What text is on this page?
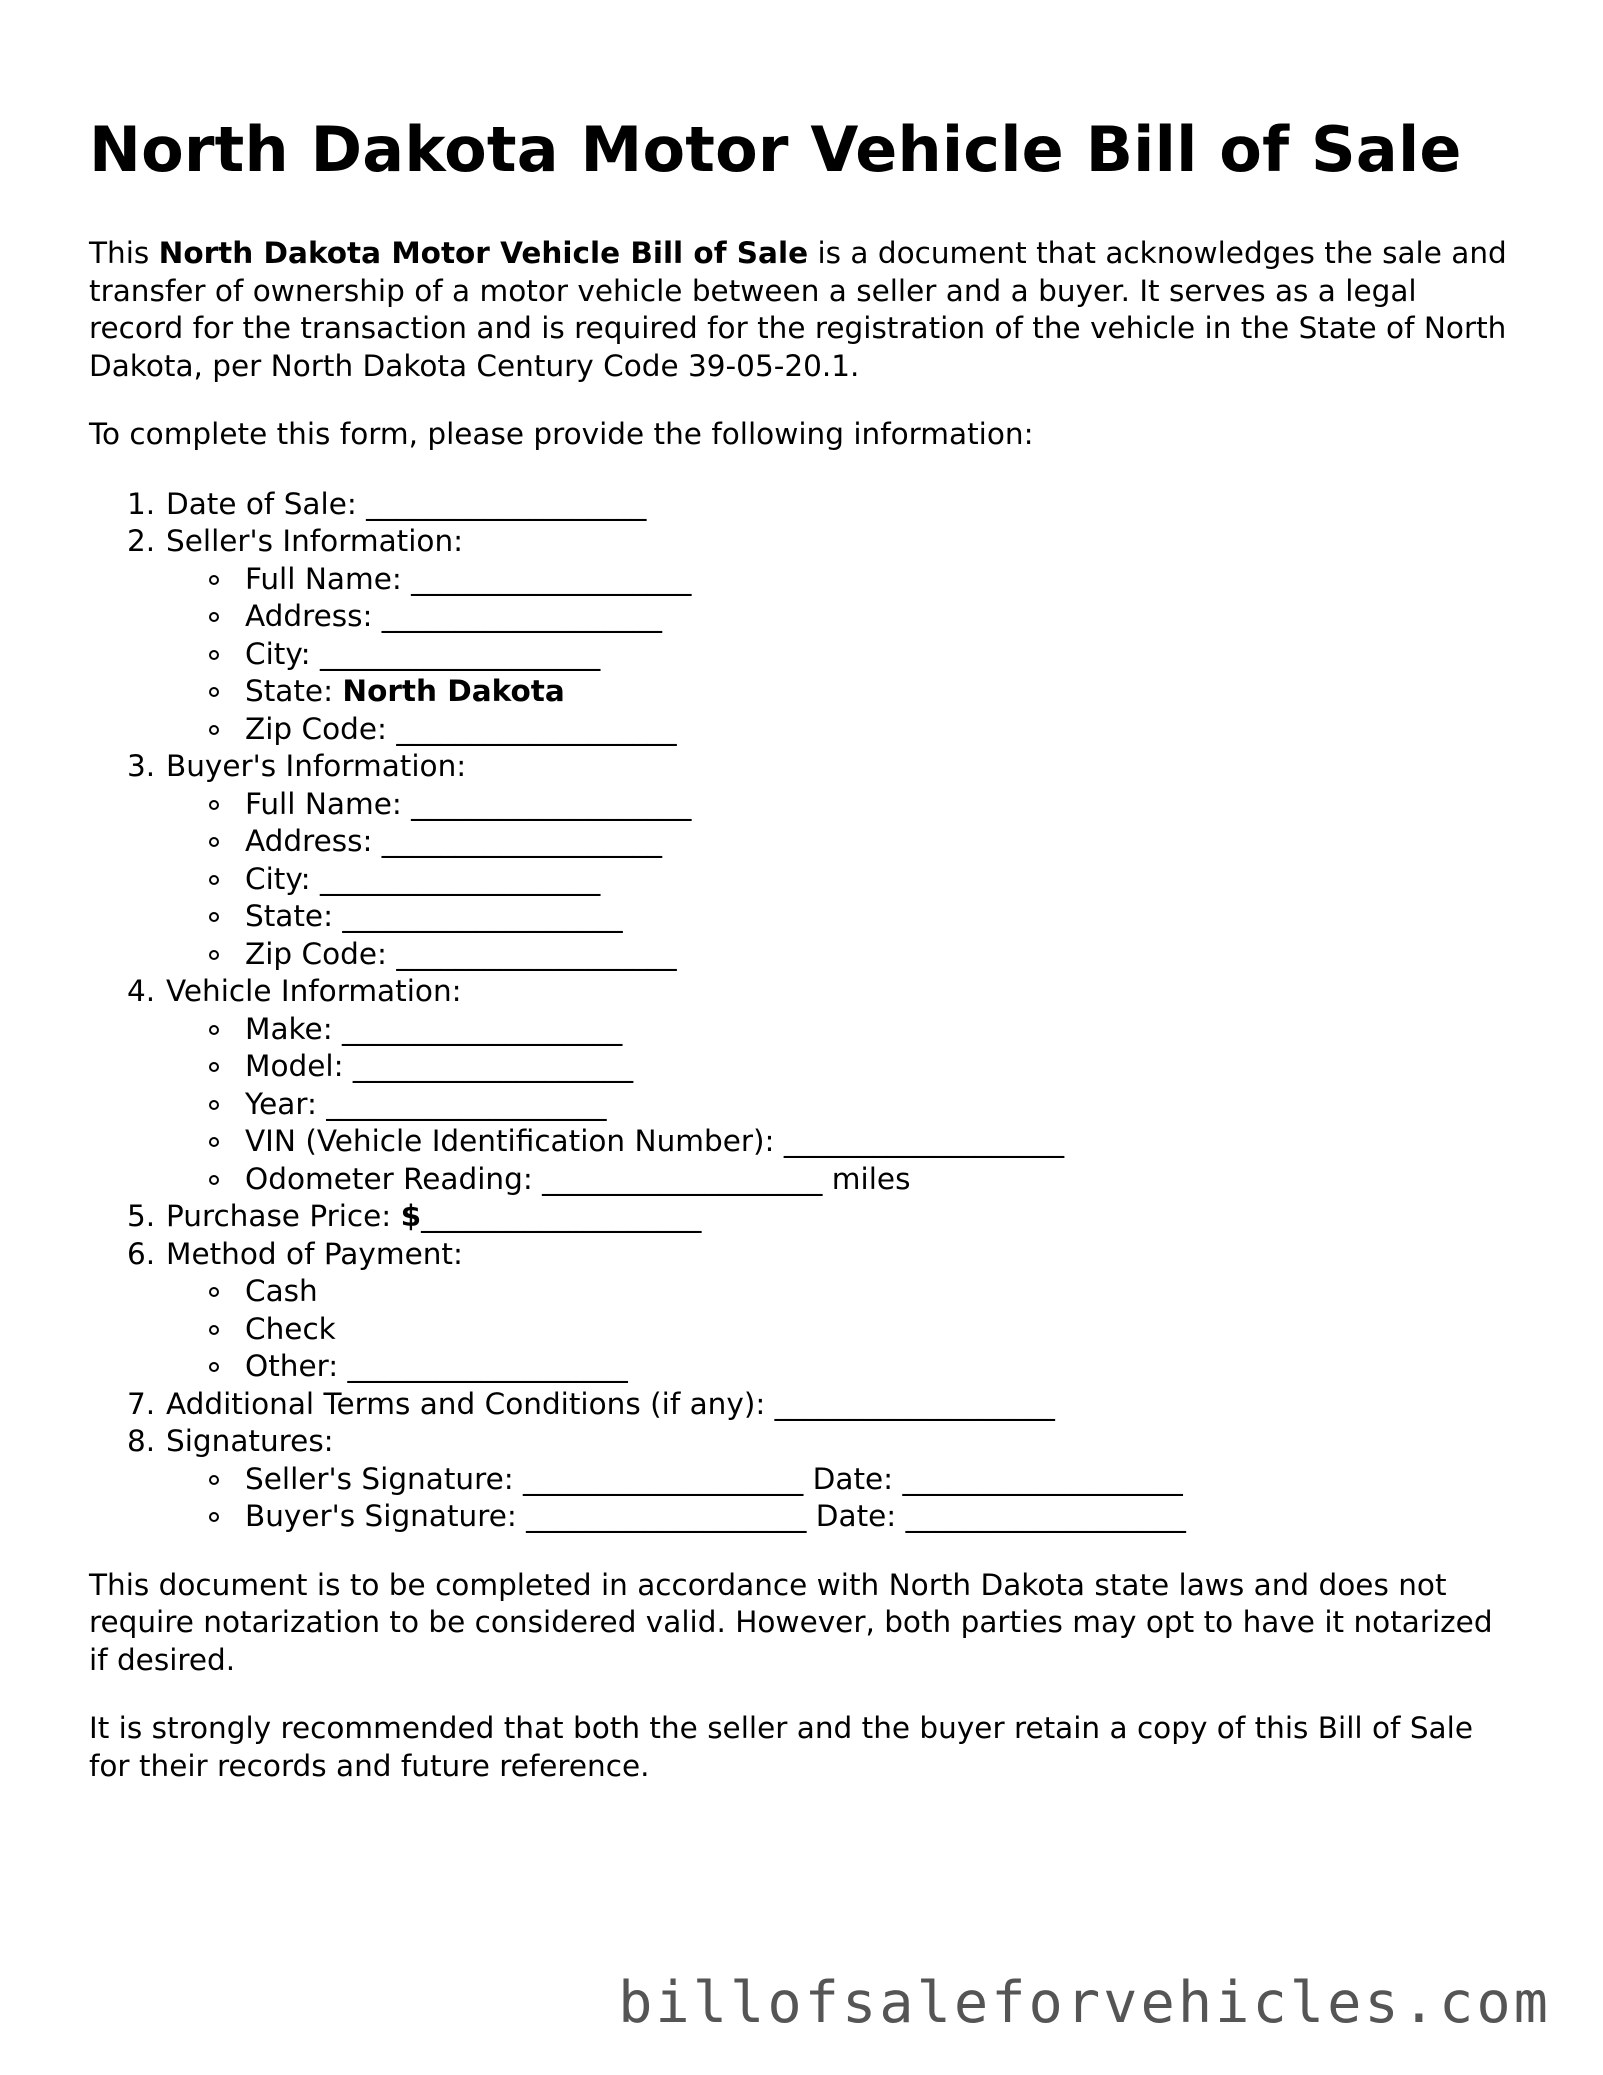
North Dakota Motor Vehicle Bill of Sale

This North Dakota Motor Vehicle Bill of Sale is a document that acknowledges the sale and transfer of ownership of a motor vehicle between a seller and a buyer. It serves as a legal record for the transaction and is required for the registration of the vehicle in the State of North Dakota, per North Dakota Century Code 39-05-20.1.

To complete this form, please provide the following information:

1. Date of Sale: ___________________
2. Seller's Information:
Full Name: ___________________
Address: ___________________
City: ___________________
State: North Dakota
Zip Code: ___________________
3. Buyer's Information:
Full Name: ___________________
Address: ___________________
City: ___________________
State: ___________________
Zip Code: ___________________
4. Vehicle Information:
Make: ___________________
Model: ___________________
Year: ___________________
VIN (Vehicle Identification Number): ___________________
Odometer Reading: ___________________ miles
5. Purchase Price: $___________________
6. Method of Payment:
Cash
Check
Other: ___________________
7. Additional Terms and Conditions (if any): ___________________
8. Signatures:
Seller's Signature: ___________________ Date: ___________________
Buyer's Signature: ___________________ Date: ___________________

This document is to be completed in accordance with North Dakota state laws and does not require notarization to be considered valid. However, both parties may opt to have it notarized if desired.

It is strongly recommended that both the seller and the buyer retain a copy of this Bill of Sale for their records and future reference.

billofsaleforvehicles.com
